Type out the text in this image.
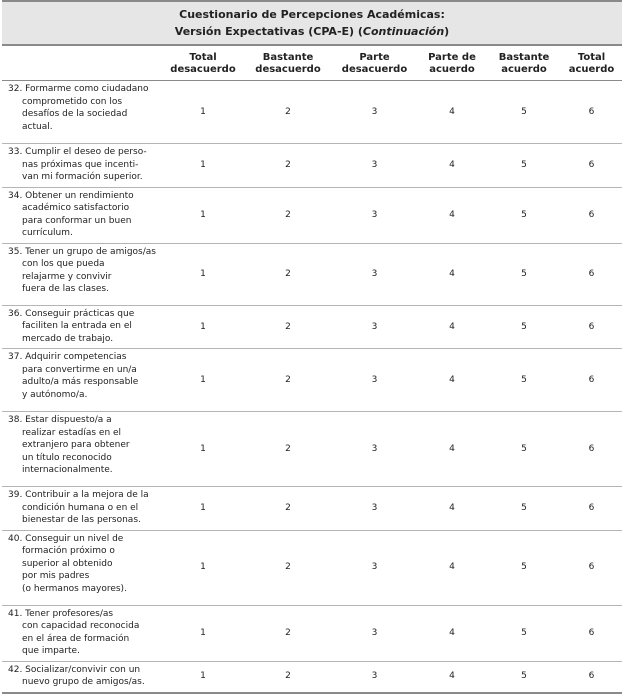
Cuestionario de Percepciones Académicas:
Versión Expectativas (CPA-E) (Continuación)
	Total
desacuerdo	Bastante
desacuerdo	Parte
desacuerdo	Parte de
acuerdo	Bastante
acuerdo	Total
acuerdo

32. Formarme como ciudadano
comprometido con los
desafíos de la sociedad
actual.	1	2	3	4	5	6

33. Cumplir el deseo de perso-
nas próximas que incenti-
van mi formación superior.	1	2	3	4	5	6

34. Obtener un rendimiento
académico satisfactorio
para conformar un buen
currículum.	1	2	3	4	5	6

35. Tener un grupo de amigos/as
con los que pueda
relajarme y convivir
fuera de las clases.	1	2	3	4	5	6

36. Conseguir prácticas que
faciliten la entrada en el
mercado de trabajo.	1	2	3	4	5	6

37. Adquirir competencias
para convertirme en un/a
adulto/a más responsable
y autónomo/a.	1	2	3	4	5	6

38. Estar dispuesto/a a
realizar estadías en el
extranjero para obtener
un título reconocido
internacionalmente.	1	2	3	4	5	6

39. Contribuir a la mejora de la
condición humana o en el
bienestar de las personas.	1	2	3	4	5	6

40. Conseguir un nivel de
formación próximo o
superior al obtenido
por mis padres
(o hermanos mayores).	1	2	3	4	5	6

41. Tener profesores/as
con capacidad reconocida
en el área de formación
que imparte.	1	2	3	4	5	6

42. Socializar/convivir con un
nuevo grupo de amigos/as.	1	2	3	4	5	6
